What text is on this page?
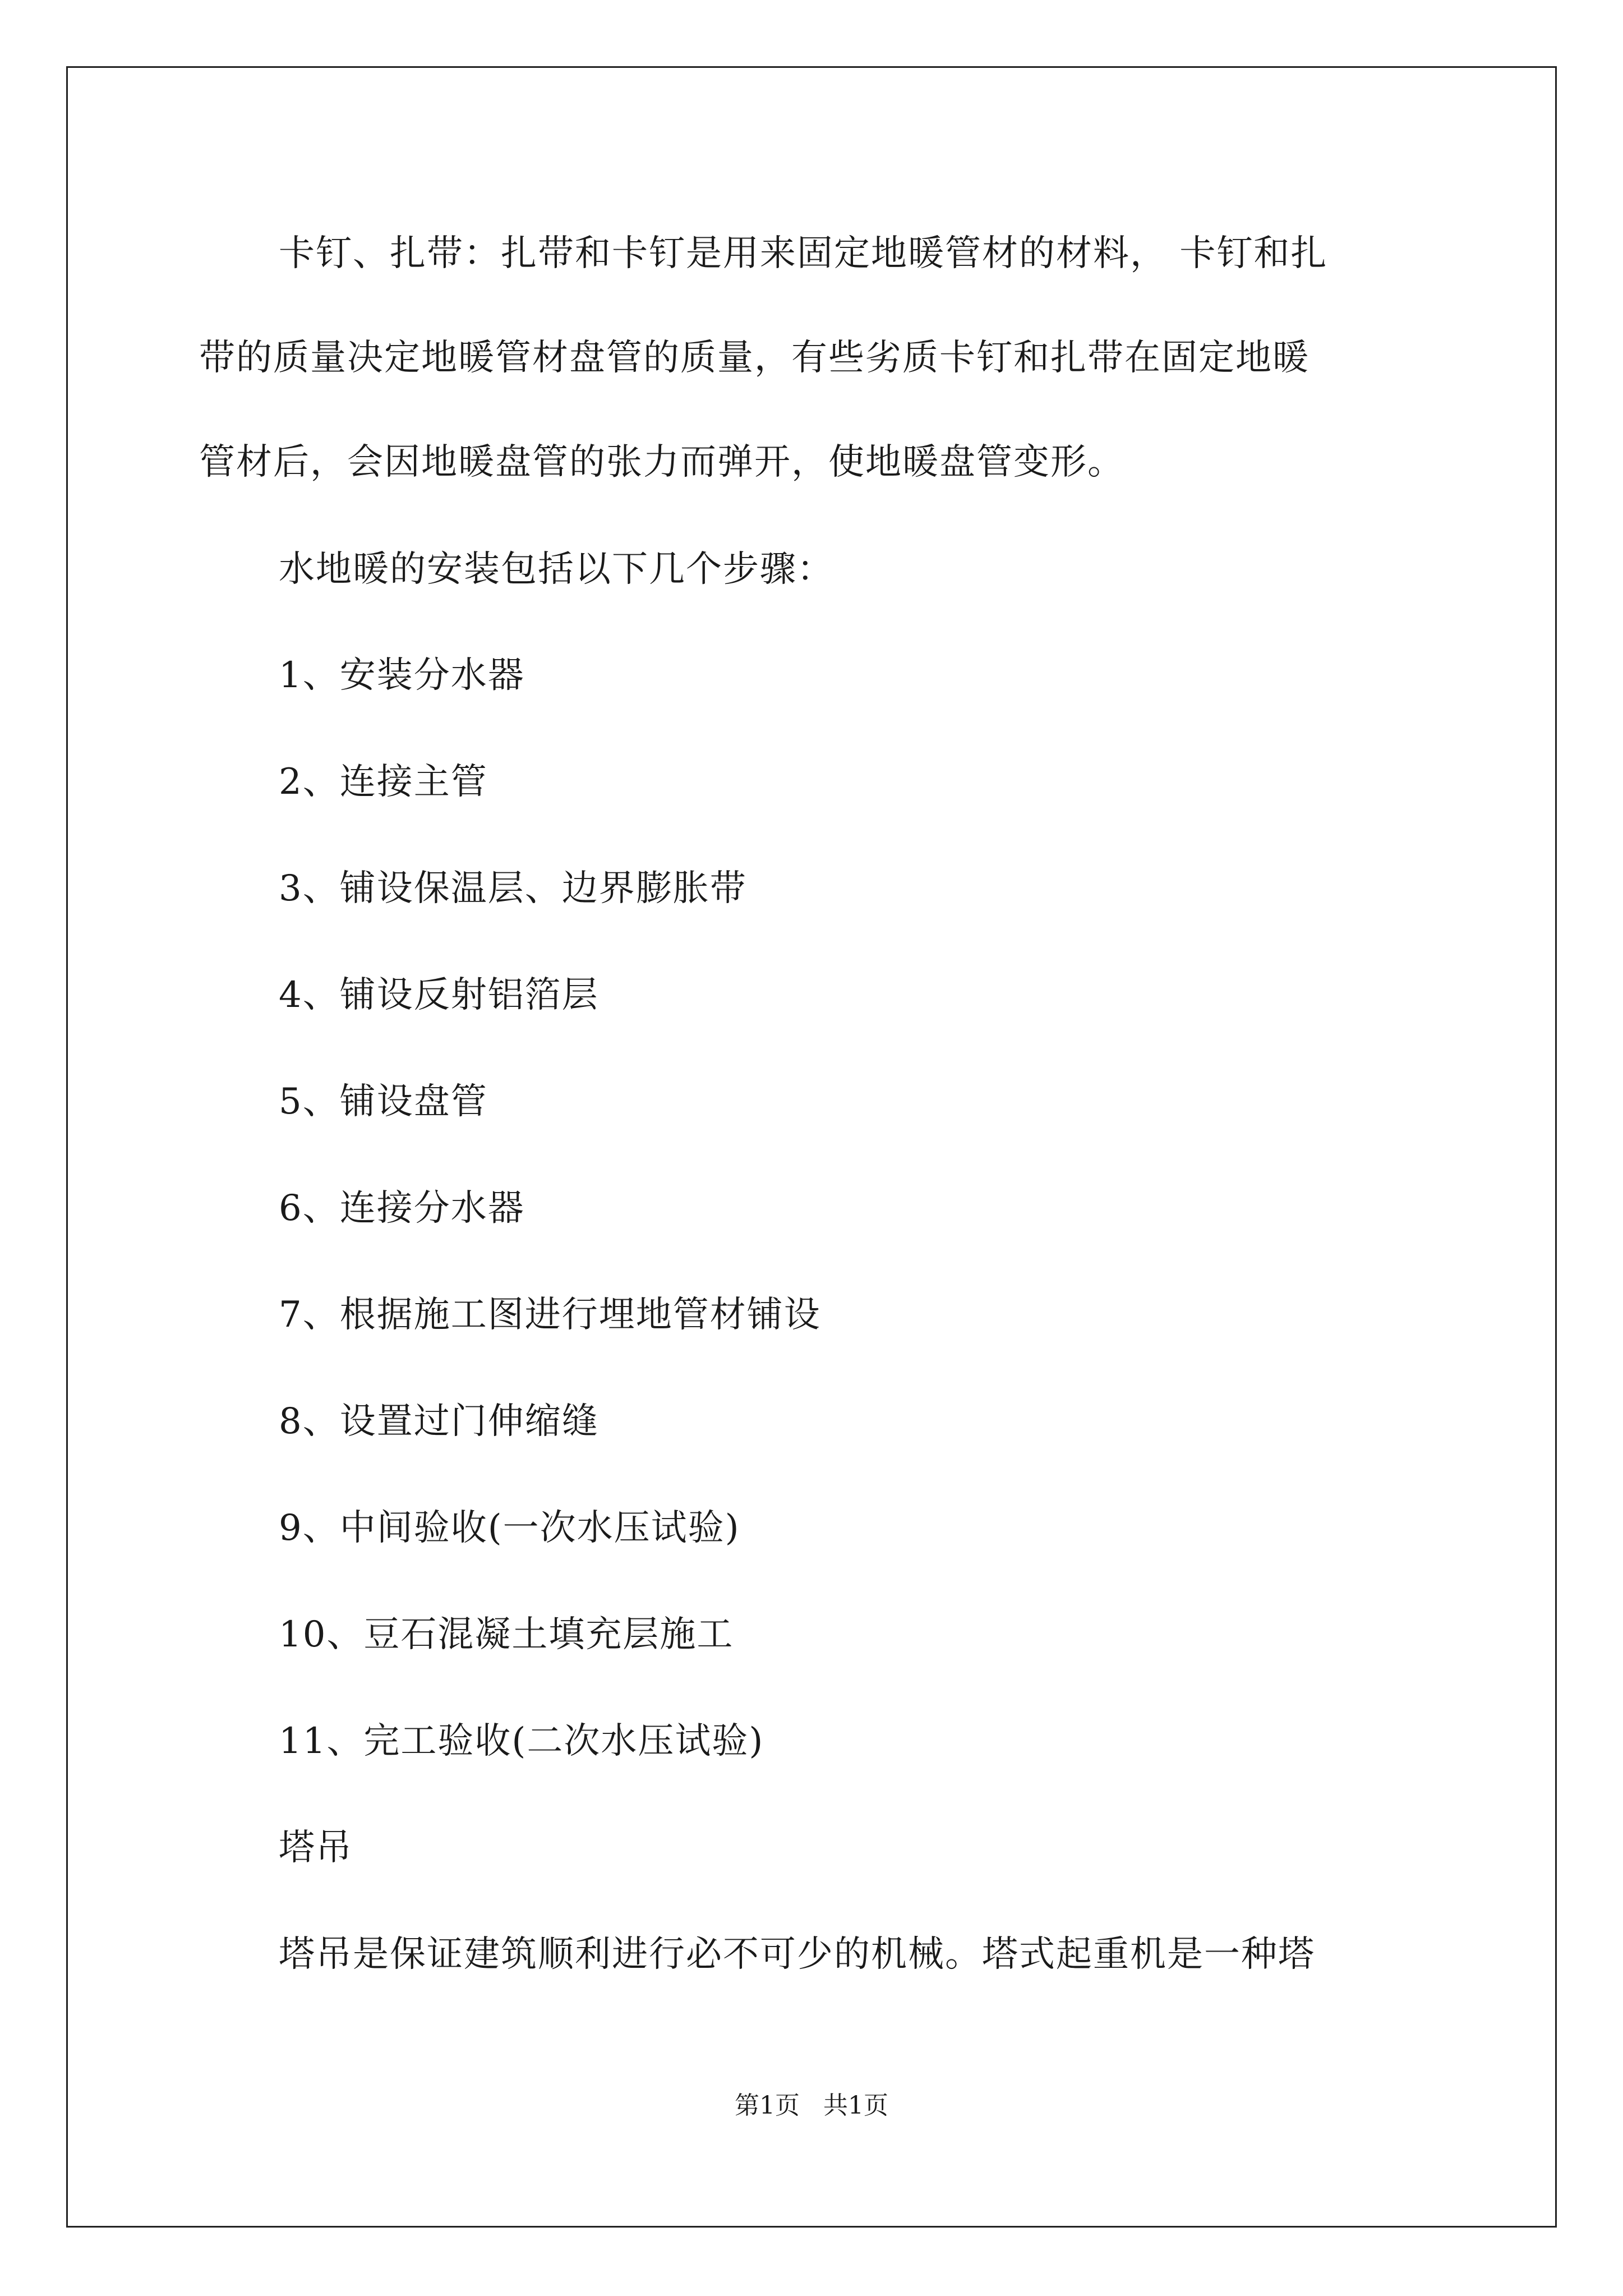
卡钉、扎带：扎带和卡钉是用来固定地暖管材的材料， 卡钉和扎
带的质量决定地暖管材盘管的质量，有些劣质卡钉和扎带在固定地暖
管材后，会因地暖盘管的张力而弹开，使地暖盘管变形。
水地暖的安装包括以下几个步骤：
1、安装分水器
2、连接主管
3、铺设保温层、边界膨胀带
4、铺设反射铝箔层
5、铺设盘管
6、连接分水器
7、根据施工图进行埋地管材铺设
8、设置过门伸缩缝
9、中间验收(一次水压试验)
10、豆石混凝土填充层施工
11、完工验收(二次水压试验)
塔吊
塔吊是保证建筑顺利进行必不可少的机械。塔式起重机是一种塔
第1页 共1页
